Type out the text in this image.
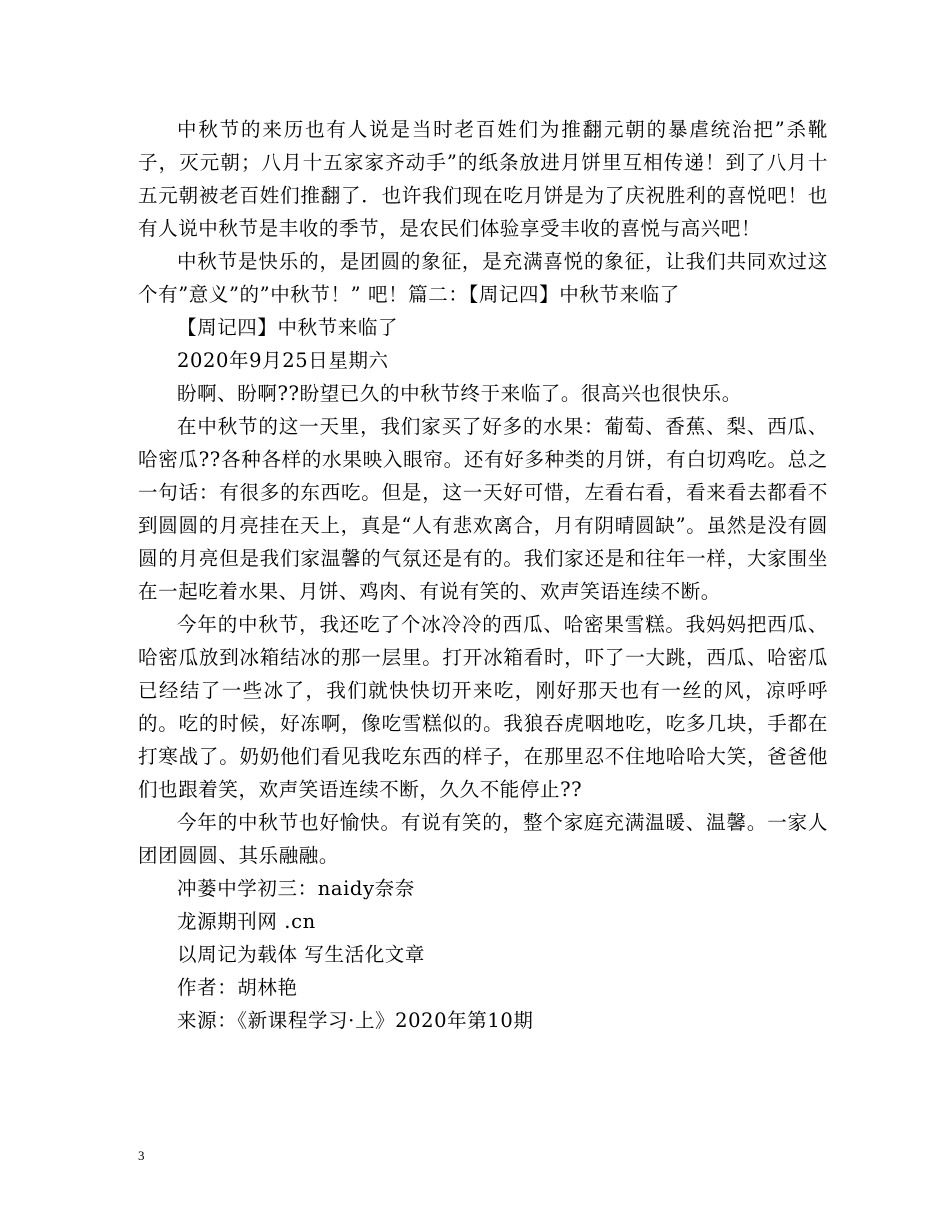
中秋节的来历也有人说是当时老百姓们为推翻元朝的暴虐统治把”杀靴子，灭元朝；八月十五家家齐动手”的纸条放进月饼里互相传递！到了八月十五元朝被老百姓们推翻了．也许我们现在吃月饼是为了庆祝胜利的喜悦吧！也有人说中秋节是丰收的季节，是农民们体验享受丰收的喜悦与高兴吧！

中秋节是快乐的，是团圆的象征，是充满喜悦的象征，让我们共同欢过这个有”意义”的”中秋节！” 吧！篇二：【周记四】中秋节来临了

【周记四】中秋节来临了

2020年9月25日星期六

盼啊、盼啊??盼望已久的中秋节终于来临了。很高兴也很快乐。

在中秋节的这一天里，我们家买了好多的水果：葡萄、香蕉、梨、西瓜、哈密瓜??各种各样的水果映入眼帘。还有好多种类的月饼，有白切鸡吃。总之一句话：有很多的东西吃。但是，这一天好可惜，左看右看，看来看去都看不到圆圆的月亮挂在天上，真是“人有悲欢离合，月有阴晴圆缺”。虽然是没有圆圆的月亮但是我们家温馨的气氛还是有的。我们家还是和往年一样，大家围坐在一起吃着水果、月饼、鸡肉、有说有笑的、欢声笑语连续不断。

今年的中秋节，我还吃了个冰冷冷的西瓜、哈密果雪糕。我妈妈把西瓜、哈密瓜放到冰箱结冰的那一层里。打开冰箱看时，吓了一大跳，西瓜、哈密瓜已经结了一些冰了，我们就快快切开来吃，刚好那天也有一丝的风，凉呼呼的。吃的时候，好冻啊，像吃雪糕似的。我狼吞虎咽地吃，吃多几块，手都在打寒战了。奶奶他们看见我吃东西的样子，在那里忍不住地哈哈大笑，爸爸他们也跟着笑，欢声笑语连续不断，久久不能停止??

今年的中秋节也好愉快。有说有笑的，整个家庭充满温暖、温馨。一家人团团圆圆、其乐融融。

冲蒌中学初三：naidy奈奈

龙源期刊网 .cn

以周记为载体 写生活化文章

作者：胡林艳

来源：《新课程学习·上》2020年第10期

3
